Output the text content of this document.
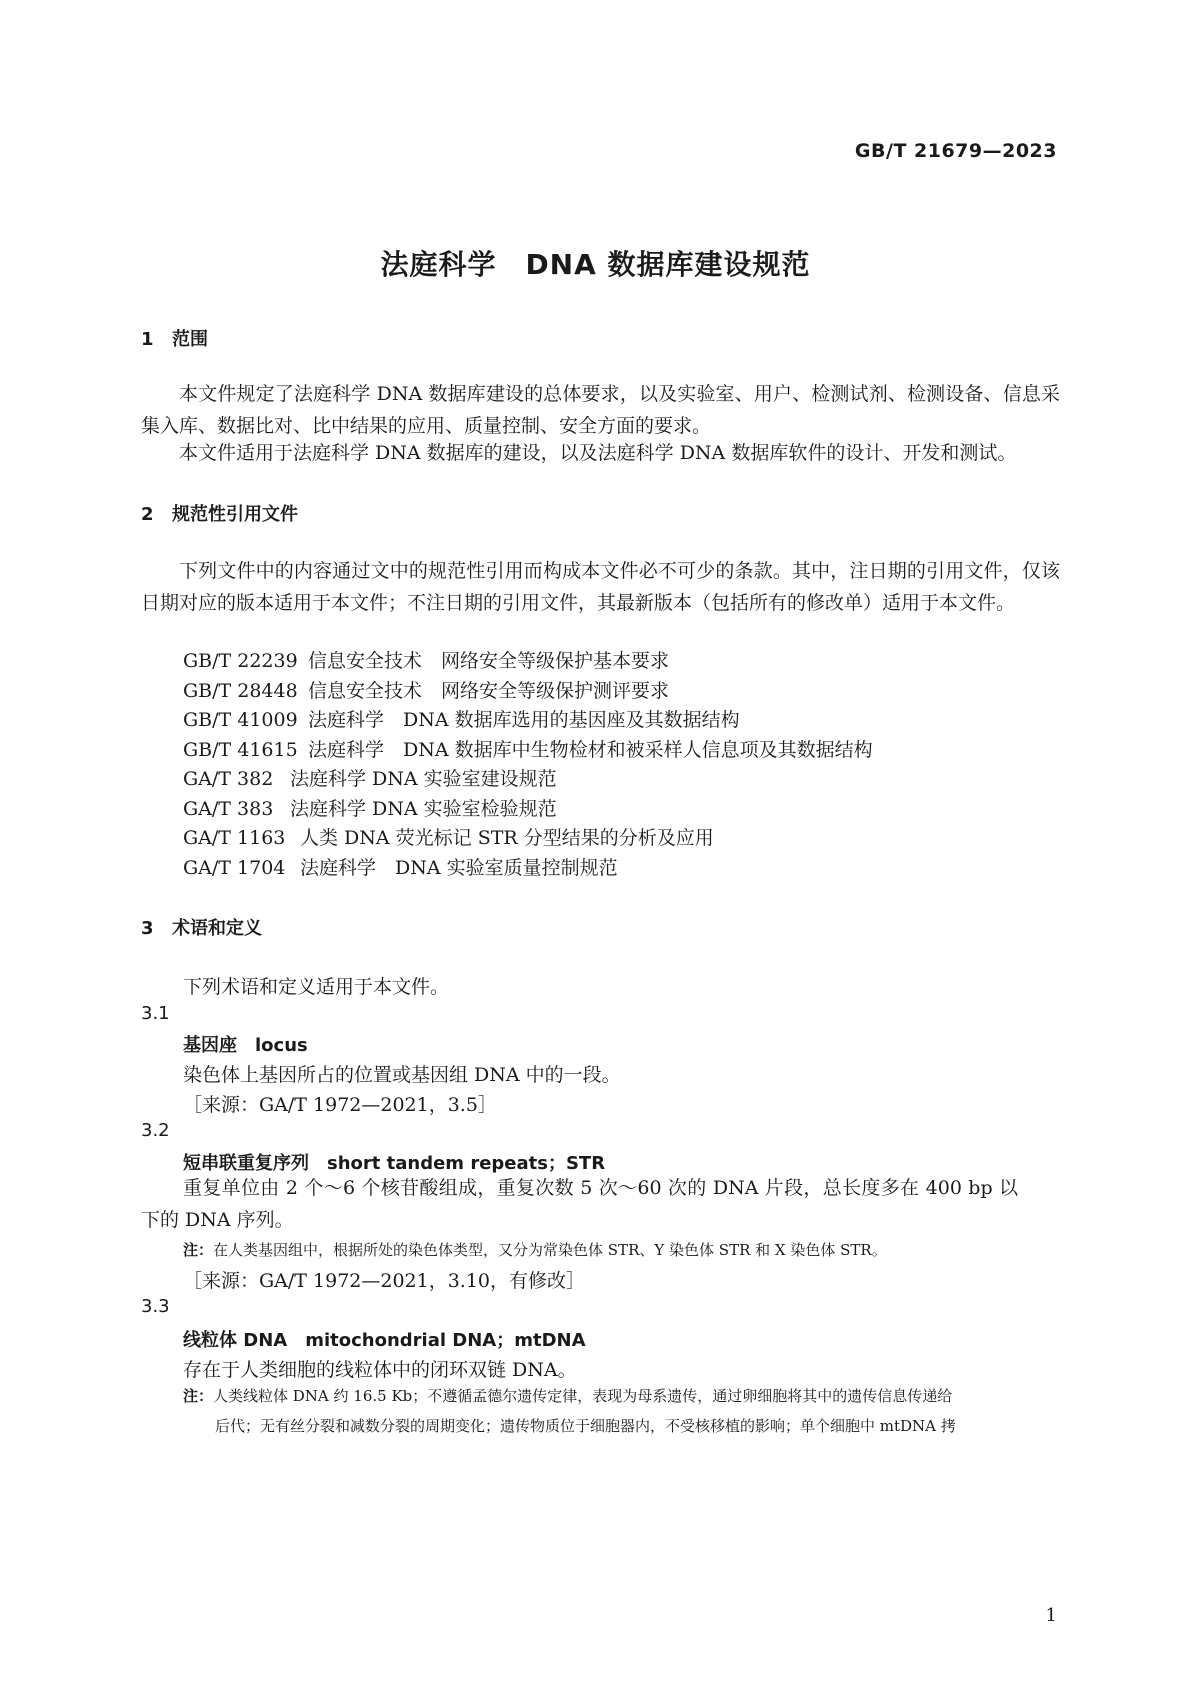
GB/T 21679—2023
法庭科学　DNA 数据库建设规范
1 范围
本文件规定了法庭科学 DNA 数据库建设的总体要求，以及实验室、用户、检测试剂、检测设备、信息采集入库、数据比对、比中结果的应用、质量控制、安全方面的要求。
本文件适用于法庭科学 DNA 数据库的建设，以及法庭科学 DNA 数据库软件的设计、开发和测试。
2 规范性引用文件
下列文件中的内容通过文中的规范性引用而构成本文件必不可少的条款。其中，注日期的引用文件，仅该日期对应的版本适用于本文件；不注日期的引用文件，其最新版本（包括所有的修改单）适用于本文件。
GB/T 22239 信息安全技术　网络安全等级保护基本要求
GB/T 28448 信息安全技术　网络安全等级保护测评要求
GB/T 41009 法庭科学　DNA 数据库选用的基因座及其数据结构
GB/T 41615 法庭科学　DNA 数据库中生物检材和被采样人信息项及其数据结构
GA/T 382 法庭科学 DNA 实验室建设规范
GA/T 383 法庭科学 DNA 实验室检验规范
GA/T 1163 人类 DNA 荧光标记 STR 分型结果的分析及应用
GA/T 1704 法庭科学　DNA 实验室质量控制规范
3 术语和定义
下列术语和定义适用于本文件。
3.1
基因座　locus
染色体上基因所占的位置或基因组 DNA 中的一段。
［来源：GA/T 1972—2021，3.5］
3.2
短串联重复序列　short tandem repeats；STR
重复单位由 2 个～6 个核苷酸组成，重复次数 5 次～60 次的 DNA 片段，总长度多在 400 bp 以下的 DNA 序列。
注：在人类基因组中，根据所处的染色体类型，又分为常染色体 STR、Y 染色体 STR 和 X 染色体 STR。
［来源：GA/T 1972—2021，3.10，有修改］
3.3
线粒体 DNA　mitochondrial DNA；mtDNA
存在于人类细胞的线粒体中的闭环双链 DNA。
注：人类线粒体 DNA 约 16.5 Kb；不遵循孟德尔遗传定律，表现为母系遗传，通过卵细胞将其中的遗传信息传递给
后代；无有丝分裂和减数分裂的周期变化；遗传物质位于细胞器内，不受核移植的影响；单个细胞中 mtDNA 拷
1
